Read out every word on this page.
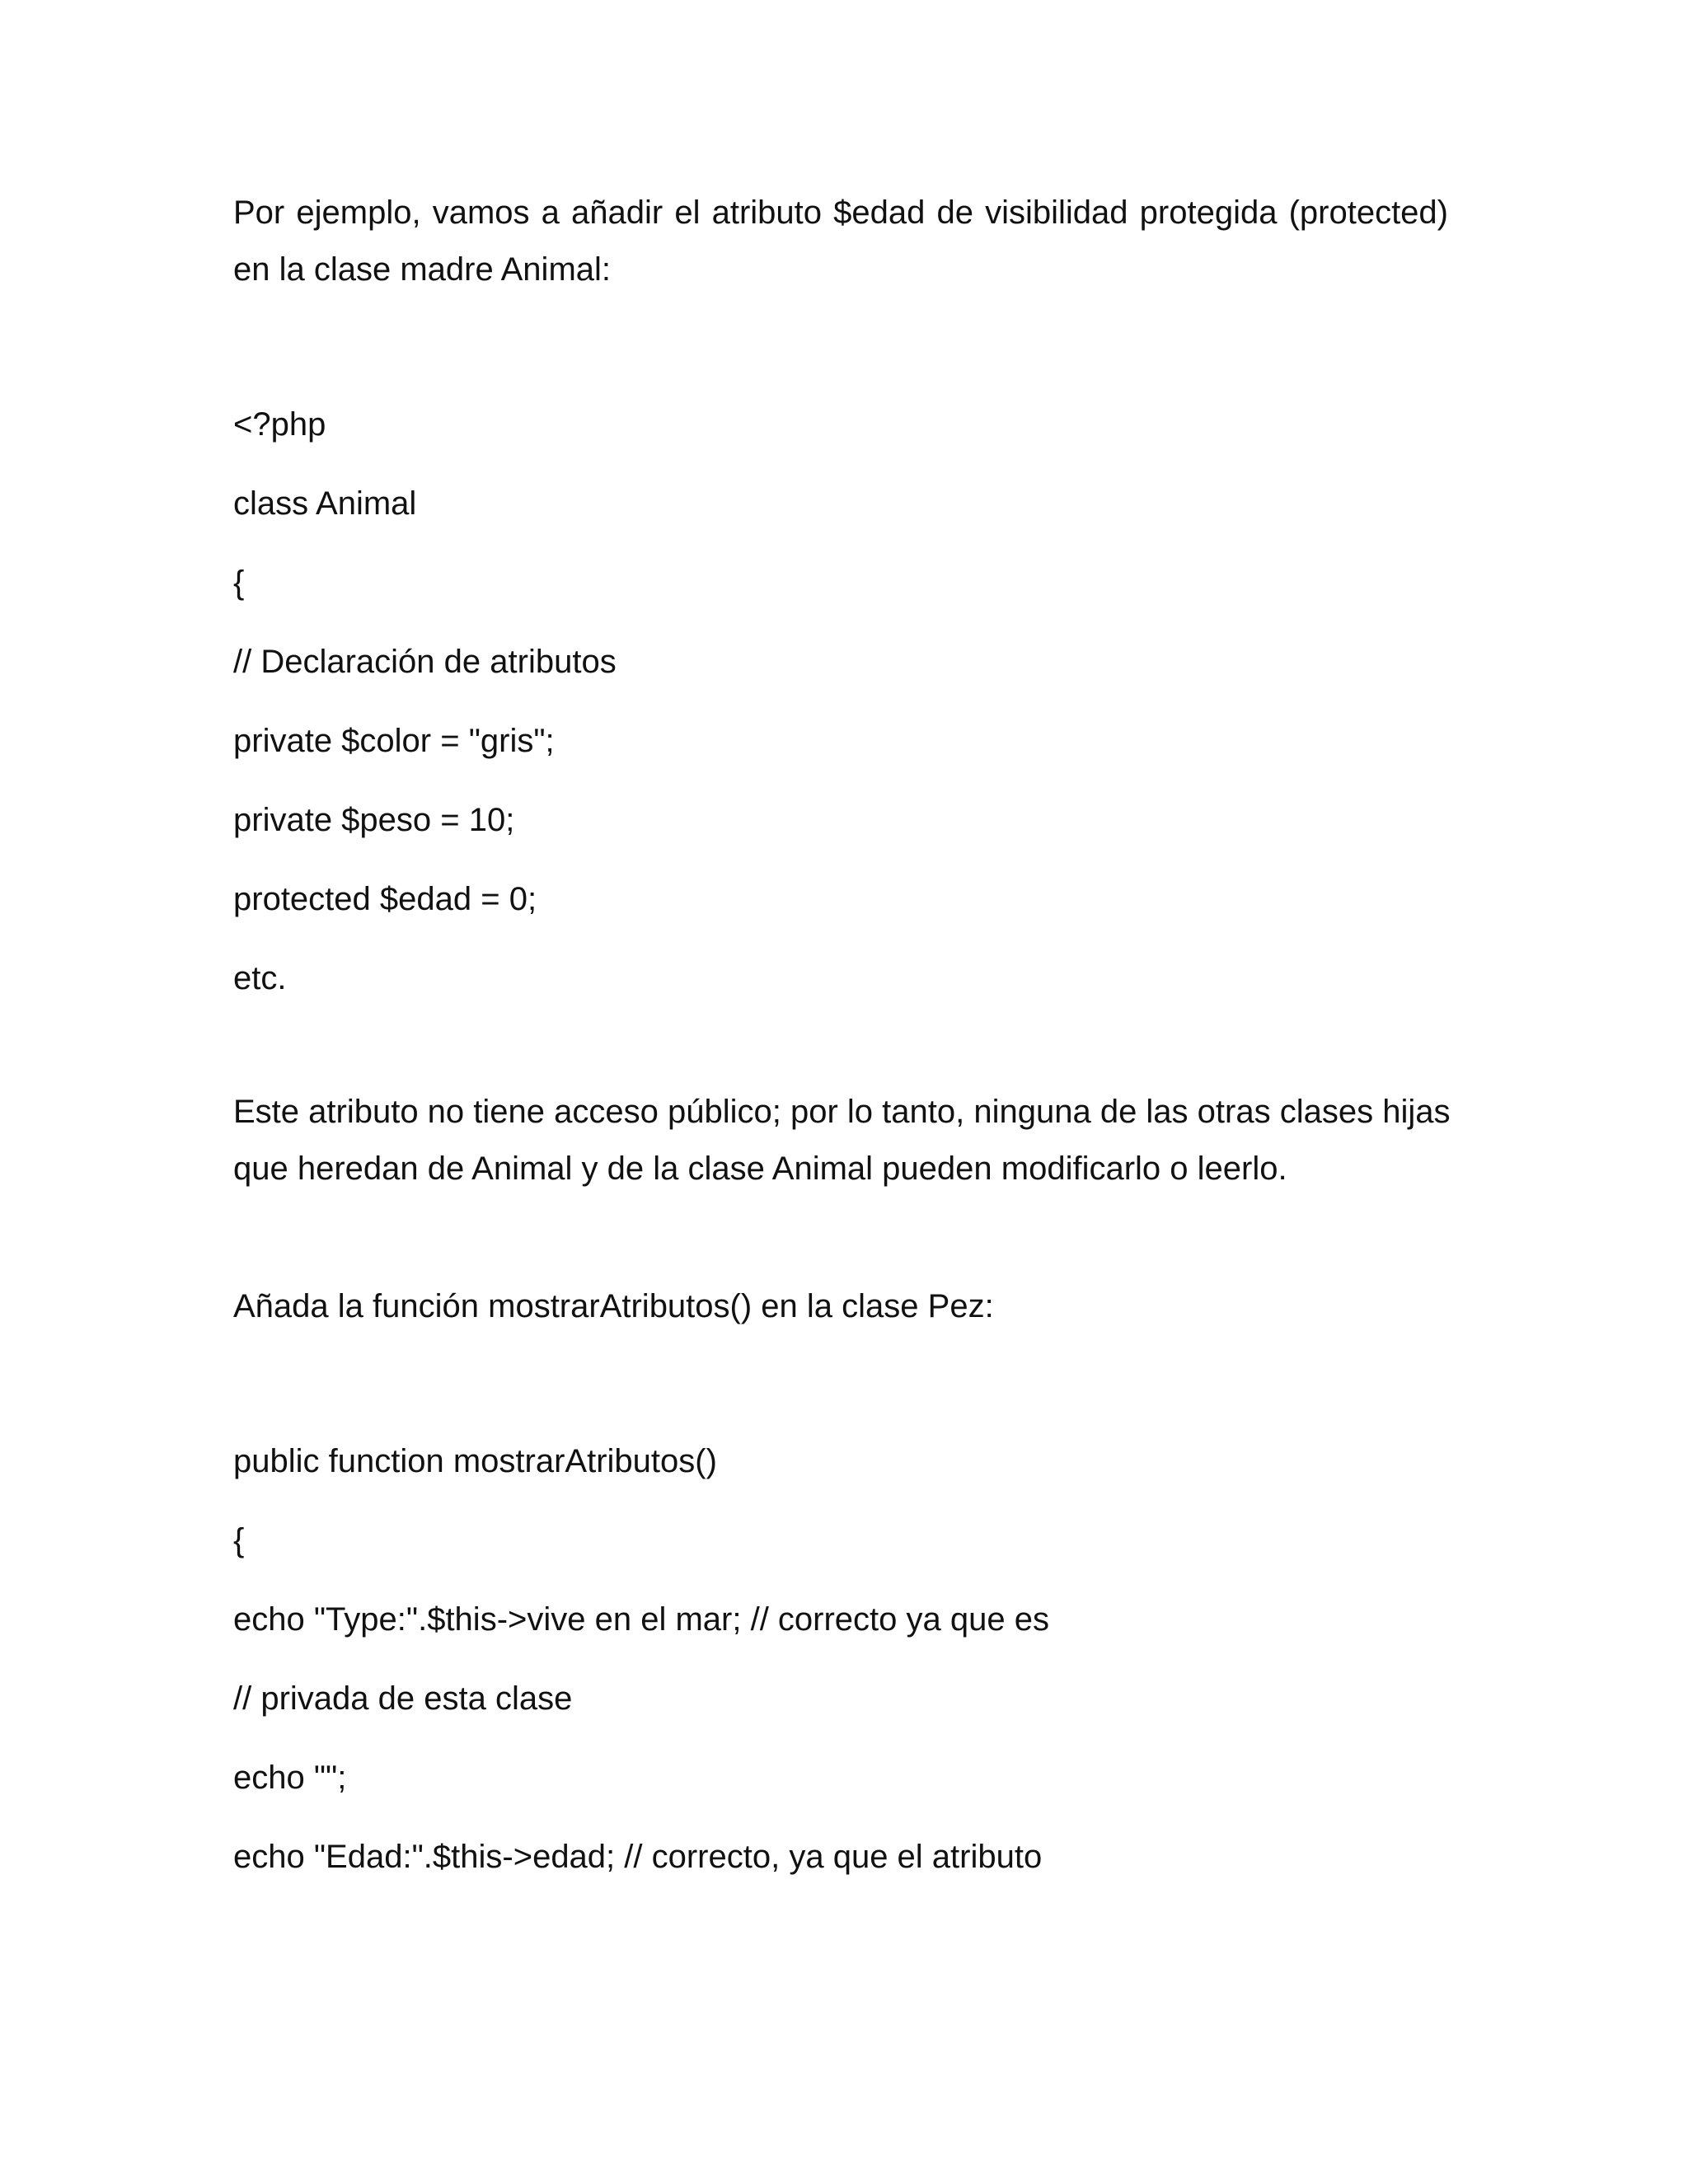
Por ejemplo, vamos a añadir el atributo $edad de visibilidad protegida (protected)
en la clase madre Animal:

<?php
class Animal
{
// Declaración de atributos
private $color = "gris";
private $peso = 10;
protected $edad = 0;
etc.

Este atributo no tiene acceso público; por lo tanto, ninguna de las otras clases hijas
que heredan de Animal y de la clase Animal pueden modificarlo o leerlo.

Añada la función mostrarAtributos() en la clase Pez:

public function mostrarAtributos()
{
echo "Type:".$this->vive en el mar; // correcto ya que es
// privada de esta clase
echo "";
echo "Edad:".$this->edad; // correcto, ya que el atributo
